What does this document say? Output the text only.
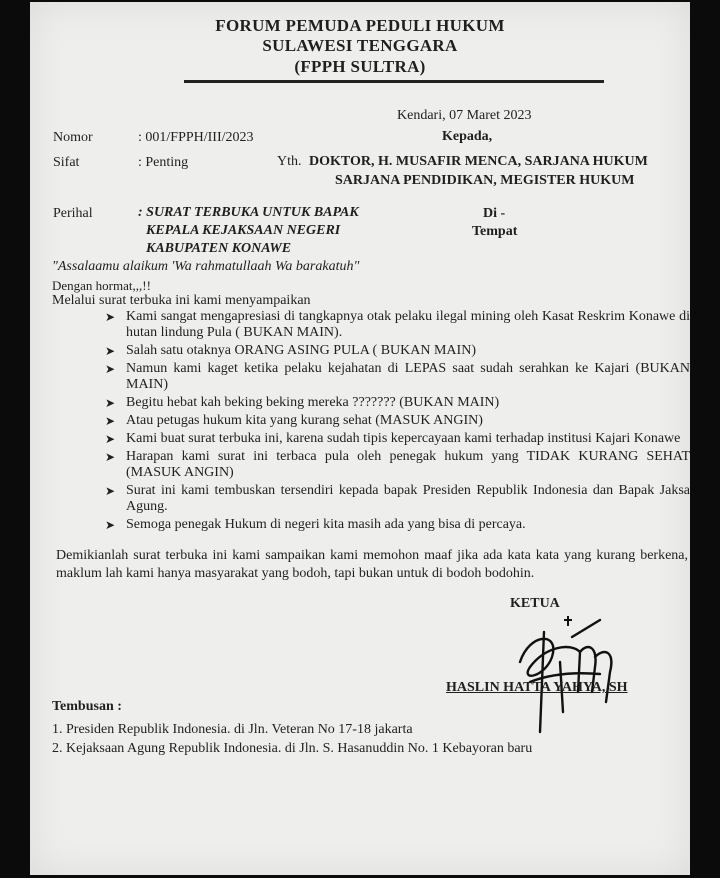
FORUM PEMUDA PEDULI HUKUM
SULAWESI TENGGARA
(FPPH SULTRA)
Kendari, 07 Maret 2023
Kepada,
Nomor	: 001/FPPH/III/2023
Sifat	: Penting	Yth. DOKTOR, H. MUSAFIR MENCA, SARJANA HUKUM
SARJANA PENDIDIKAN, MEGISTER HUKUM
Perihal	: SURAT TERBUKA UNTUK BAPAK
KEPALA KEJAKSAAN NEGERI
KABUPATEN KONAWE
Di -
Tempat
"Assalaamu alaikum 'Wa rahmatullaah Wa barakatuh"
Dengan hormat,,,!!
Melalui surat terbuka ini kami menyampaikan
➤ Kami sangat mengapresiasi di tangkapnya otak pelaku ilegal mining oleh Kasat Reskrim Konawe di hutan lindung Pula ( BUKAN MAIN).
➤ Salah satu otaknya ORANG ASING PULA ( BUKAN MAIN)
➤ Namun kami kaget ketika pelaku kejahatan di LEPAS saat sudah serahkan ke Kajari (BUKAN MAIN)
➤ Begitu hebat kah beking beking mereka ??????? (BUKAN MAIN)
➤ Atau petugas hukum kita yang kurang sehat (MASUK ANGIN)
➤ Kami buat surat terbuka ini, karena sudah tipis kepercayaan kami terhadap institusi Kajari Konawe
➤ Harapan kami surat ini terbaca pula oleh penegak hukum yang TIDAK KURANG SEHAT (MASUK ANGIN)
➤ Surat ini kami tembuskan tersendiri kepada bapak Presiden Republik Indonesia dan Bapak Jaksa Agung.
➤ Semoga penegak Hukum di negeri kita masih ada yang bisa di percaya.
Demikianlah surat terbuka ini kami sampaikan kami memohon maaf jika ada kata kata yang kurang berkena, maklum lah kami hanya masyarakat yang bodoh, tapi bukan untuk di bodoh bodohin.
KETUA
HASLIN HATTA YAHYA, SH
Tembusan :
1. Presiden Republik Indonesia. di Jln. Veteran No 17-18 jakarta
2. Kejaksaan Agung Republik Indonesia. di Jln. S. Hasanuddin No. 1 Kebayoran baru
